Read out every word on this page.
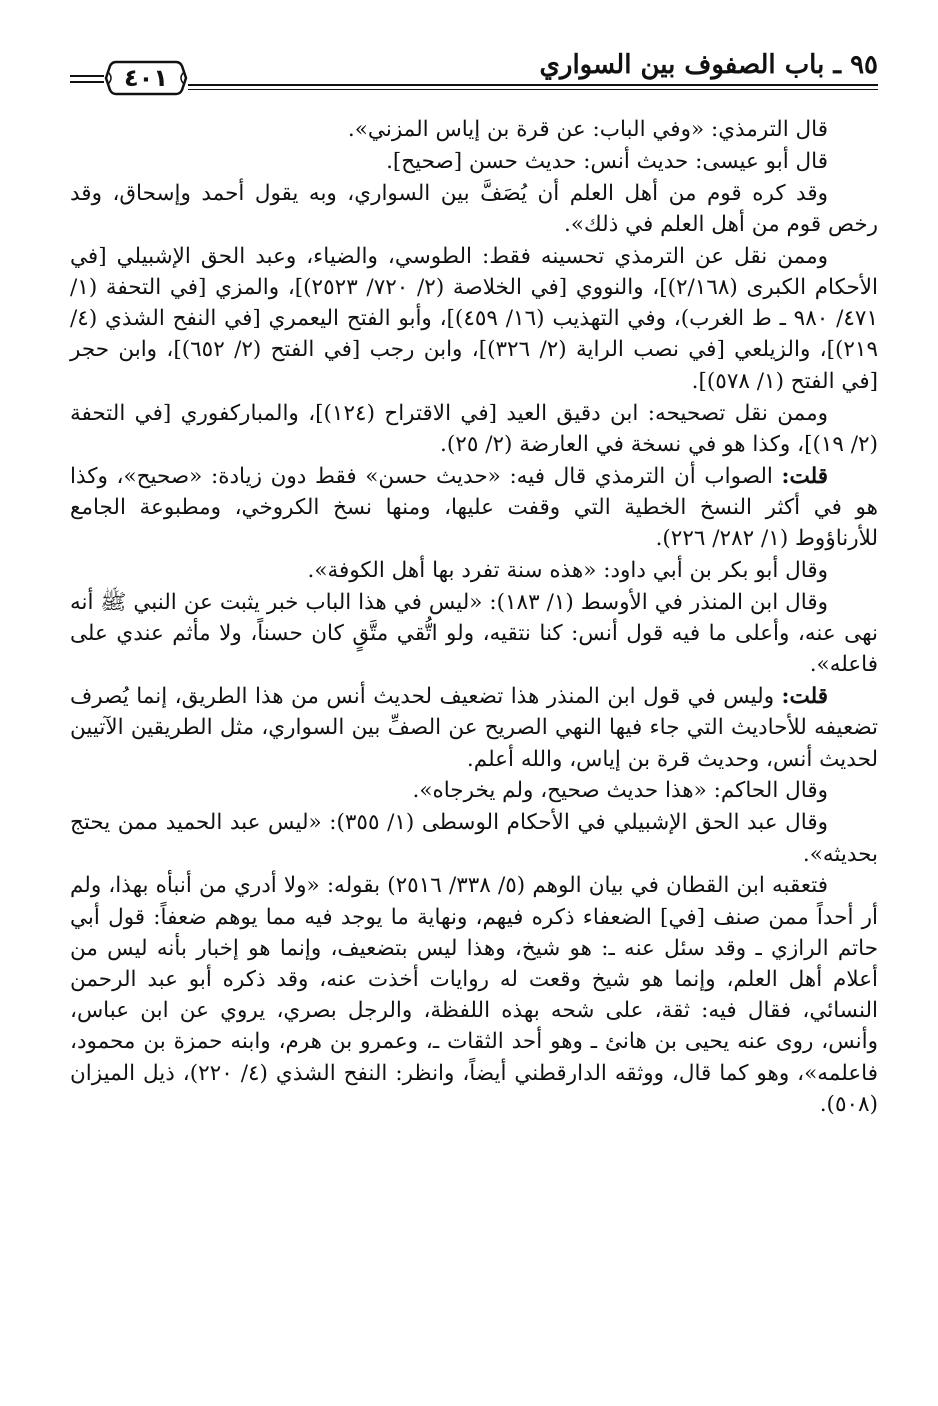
٩٥ ـ باب الصفوف بين السواري
٤٠١

قال الترمذي: «وفي الباب: عن قرة بن إياس المزني».

قال أبو عيسى: حديث أنس: حديث حسن [صحيح].

وقد كره قوم من أهل العلم أن يُصَفَّ بين السواري، وبه يقول أحمد وإسحاق، وقد رخص قوم من أهل العلم في ذلك».

وممن نقل عن الترمذي تحسينه فقط: الطوسي، والضياء، وعبد الحق الإشبيلي [في الأحكام الكبرى (٢/١٦٨)]، والنووي [في الخلاصة (٢/ ٧٢٠/ ٢٥٢٣)]، والمزي [في التحفة (١/ ٤٧١/ ٩٨٠ ـ ط الغرب)، وفي التهذيب (١٦/ ٤٥٩)]، وأبو الفتح اليعمري [في النفح الشذي (٤/ ٢١٩)]، والزيلعي [في نصب الراية (٢/ ٣٢٦)]، وابن رجب [في الفتح (٢/ ٦٥٢)]، وابن حجر [في الفتح (١/ ٥٧٨)].

وممن نقل تصحيحه: ابن دقيق العيد [في الاقتراح (١٢٤)]، والمباركفوري [في التحفة (٢/ ١٩)]، وكذا هو في نسخة في العارضة (٢/ ٢٥).

قلت: الصواب أن الترمذي قال فيه: «حديث حسن» فقط دون زيادة: «صحيح»، وكذا هو في أكثر النسخ الخطية التي وقفت عليها، ومنها نسخ الكروخي، ومطبوعة الجامع للأرناؤوط (١/ ٢٨٢/ ٢٢٦).

وقال أبو بكر بن أبي داود: «هذه سنة تفرد بها أهل الكوفة».

وقال ابن المنذر في الأوسط (١/ ١٨٣): «ليس في هذا الباب خبر يثبت عن النبي ﷺ أنه نهى عنه، وأعلى ما فيه قول أنس: كنا نتقيه، ولو اتُّقي متَّقٍ كان حسناً، ولا مأثم عندي على فاعله».

قلت: وليس في قول ابن المنذر هذا تضعيف لحديث أنس من هذا الطريق، إنما يُصرف تضعيفه للأحاديث التي جاء فيها النهي الصريح عن الصفِّ بين السواري، مثل الطريقين الآتيين لحديث أنس، وحديث قرة بن إياس، والله أعلم.

وقال الحاكم: «هذا حديث صحيح، ولم يخرجاه».

وقال عبد الحق الإشبيلي في الأحكام الوسطى (١/ ٣٥٥): «ليس عبد الحميد ممن يحتج بحديثه».

فتعقبه ابن القطان في بيان الوهم (٥/ ٣٣٨/ ٢٥١٦) بقوله: «ولا أدري من أنبأه بهذا، ولم أر أحداً ممن صنف [في] الضعفاء ذكره فيهم، ونهاية ما يوجد فيه مما يوهم ضعفاً: قول أبي حاتم الرازي ـ وقد سئل عنه ـ: هو شيخ، وهذا ليس بتضعيف، وإنما هو إخبار بأنه ليس من أعلام أهل العلم، وإنما هو شيخ وقعت له روايات أخذت عنه، وقد ذكره أبو عبد الرحمن النسائي، فقال فيه: ثقة، على شحه بهذه اللفظة، والرجل بصري، يروي عن ابن عباس، وأنس، روى عنه يحيى بن هانئ ـ وهو أحد الثقات ـ، وعمرو بن هرم، وابنه حمزة بن محمود، فاعلمه»، وهو كما قال، ووثقه الدارقطني أيضاً، وانظر: النفح الشذي (٤/ ٢٢٠)، ذيل الميزان (٥٠٨).
